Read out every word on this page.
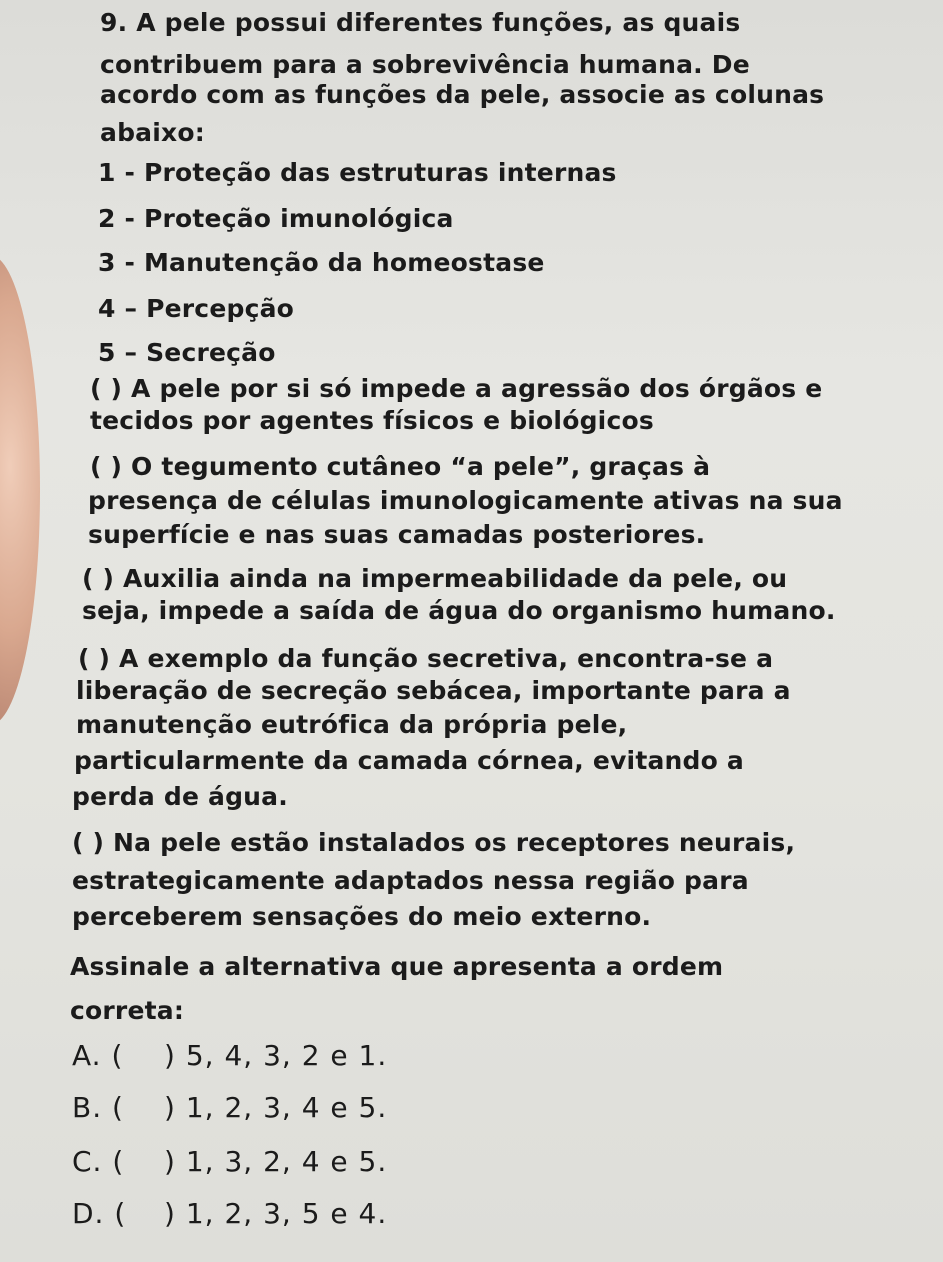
9. A pele possui diferentes funções, as quais
contribuem para a sobrevivência humana. De
acordo com as funções da pele, associe as colunas
abaixo:
1 - Proteção das estruturas internas
2 - Proteção imunológica
3 - Manutenção da homeostase
4 – Percepção
5 – Secreção
( ) A pele por si só impede a agressão dos órgãos e
tecidos por agentes físicos e biológicos
( ) O tegumento cutâneo “a pele”, graças à
presença de células imunologicamente ativas na sua
superfície e nas suas camadas posteriores.
( ) Auxilia ainda na impermeabilidade da pele, ou
seja, impede a saída de água do organismo humano.
( ) A exemplo da função secretiva, encontra-se a
liberação de secreção sebácea, importante para a
manutenção eutrófica da própria pele,
particularmente da camada córnea, evitando a
perda de água.
( ) Na pele estão instalados os receptores neurais,
estrategicamente adaptados nessa região para
perceberem sensações do meio externo.
Assinale a alternativa que apresenta a ordem
correta:
A. ( ) 5, 4, 3, 2 e 1.
B. ( ) 1, 2, 3, 4 e 5.
C. ( ) 1, 3, 2, 4 e 5.
D. ( ) 1, 2, 3, 5 e 4.
